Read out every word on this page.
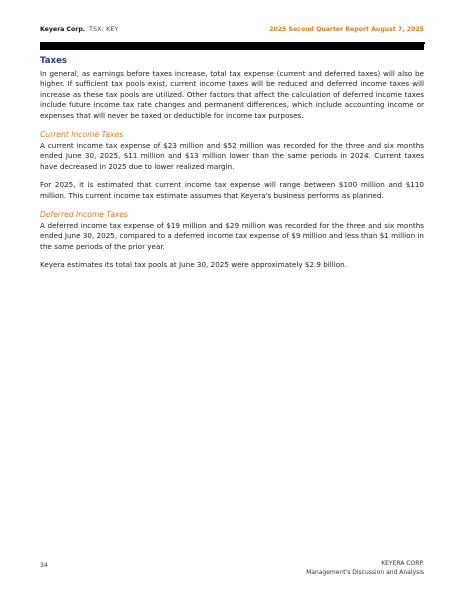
Keyera Corp. TSX: KEY	2025 Second Quarter Report August 7, 2025
Taxes

In general, as earnings before taxes increase, total tax expense (current and deferred taxes) will also be higher. If sufficient tax pools exist, current income taxes will be reduced and deferred income taxes will increase as these tax pools are utilized. Other factors that affect the calculation of deferred income taxes include future income tax rate changes and permanent differences, which include accounting income or expenses that will never be taxed or deductible for income tax purposes.

Current Income Taxes

A current income tax expense of $23 million and $52 million was recorded for the three and six months ended June 30, 2025, $11 million and $13 million lower than the same periods in 2024. Current taxes have decreased in 2025 due to lower realized margin.

For 2025, it is estimated that current income tax expense will range between $100 million and $110 million. This current income tax estimate assumes that Keyera's business performs as planned.

Deferred Income Taxes

A deferred income tax expense of $19 million and $29 million was recorded for the three and six months ended June 30, 2025, compared to a deferred income tax expense of $9 million and less than $1 million in the same periods of the prior year.

Keyera estimates its total tax pools at June 30, 2025 were approximately $2.9 billion.

34	KEYERA CORP.
Management's Discussion and Analysis
